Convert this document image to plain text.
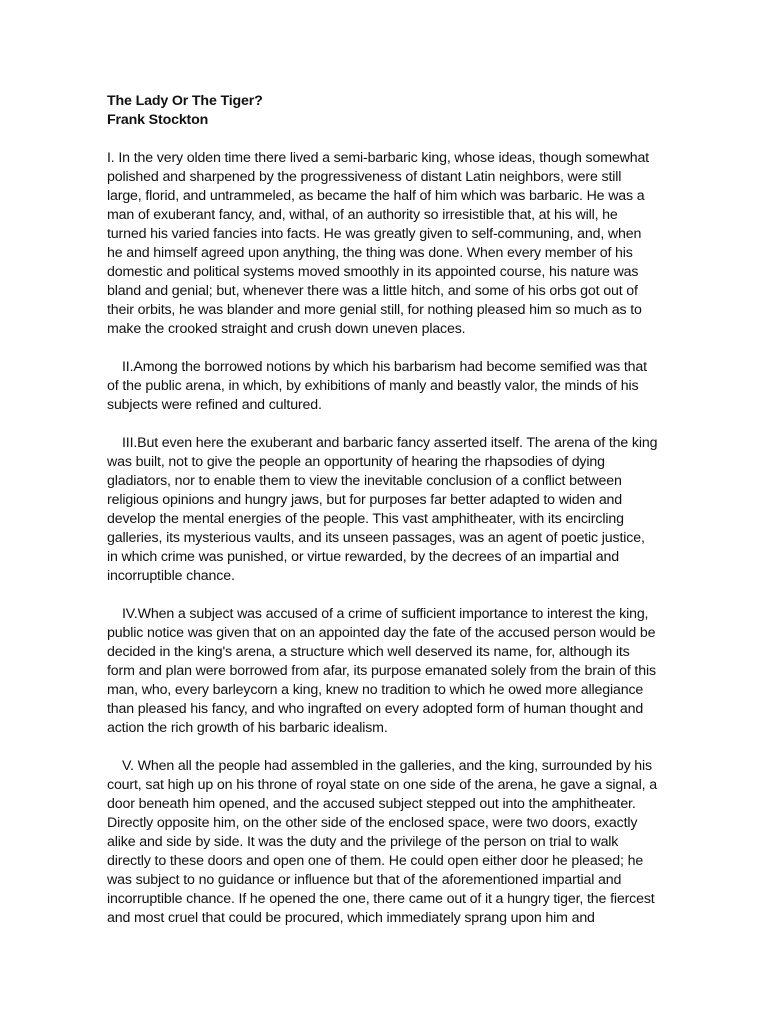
The Lady Or The Tiger?

Frank Stockton

I. In the very olden time there lived a semi-barbaric king, whose ideas, though somewhat polished and sharpened by the progressiveness of distant Latin neighbors, were still large, florid, and untrammeled, as became the half of him which was barbaric. He was a man of exuberant fancy, and, withal, of an authority so irresistible that, at his will, he turned his varied fancies into facts. He was greatly given to self-communing, and, when he and himself agreed upon anything, the thing was done. When every member of his domestic and political systems moved smoothly in its appointed course, his nature was bland and genial; but, whenever there was a little hitch, and some of his orbs got out of their orbits, he was blander and more genial still, for nothing pleased him so much as to make the crooked straight and crush down uneven places.

II.Among the borrowed notions by which his barbarism had become semified was that of the public arena, in which, by exhibitions of manly and beastly valor, the minds of his subjects were refined and cultured.

III.But even here the exuberant and barbaric fancy asserted itself. The arena of the king was built, not to give the people an opportunity of hearing the rhapsodies of dying gladiators, nor to enable them to view the inevitable conclusion of a conflict between religious opinions and hungry jaws, but for purposes far better adapted to widen and develop the mental energies of the people. This vast amphitheater, with its encircling galleries, its mysterious vaults, and its unseen passages, was an agent of poetic justice, in which crime was punished, or virtue rewarded, by the decrees of an impartial and incorruptible chance.

IV.When a subject was accused of a crime of sufficient importance to interest the king, public notice was given that on an appointed day the fate of the accused person would be decided in the king's arena, a structure which well deserved its name, for, although its form and plan were borrowed from afar, its purpose emanated solely from the brain of this man, who, every barleycorn a king, knew no tradition to which he owed more allegiance than pleased his fancy, and who ingrafted on every adopted form of human thought and action the rich growth of his barbaric idealism.

V. When all the people had assembled in the galleries, and the king, surrounded by his court, sat high up on his throne of royal state on one side of the arena, he gave a signal, a door beneath him opened, and the accused subject stepped out into the amphitheater. Directly opposite him, on the other side of the enclosed space, were two doors, exactly alike and side by side. It was the duty and the privilege of the person on trial to walk directly to these doors and open one of them. He could open either door he pleased; he was subject to no guidance or influence but that of the aforementioned impartial and incorruptible chance. If he opened the one, there came out of it a hungry tiger, the fiercest and most cruel that could be procured, which immediately sprang upon him and
